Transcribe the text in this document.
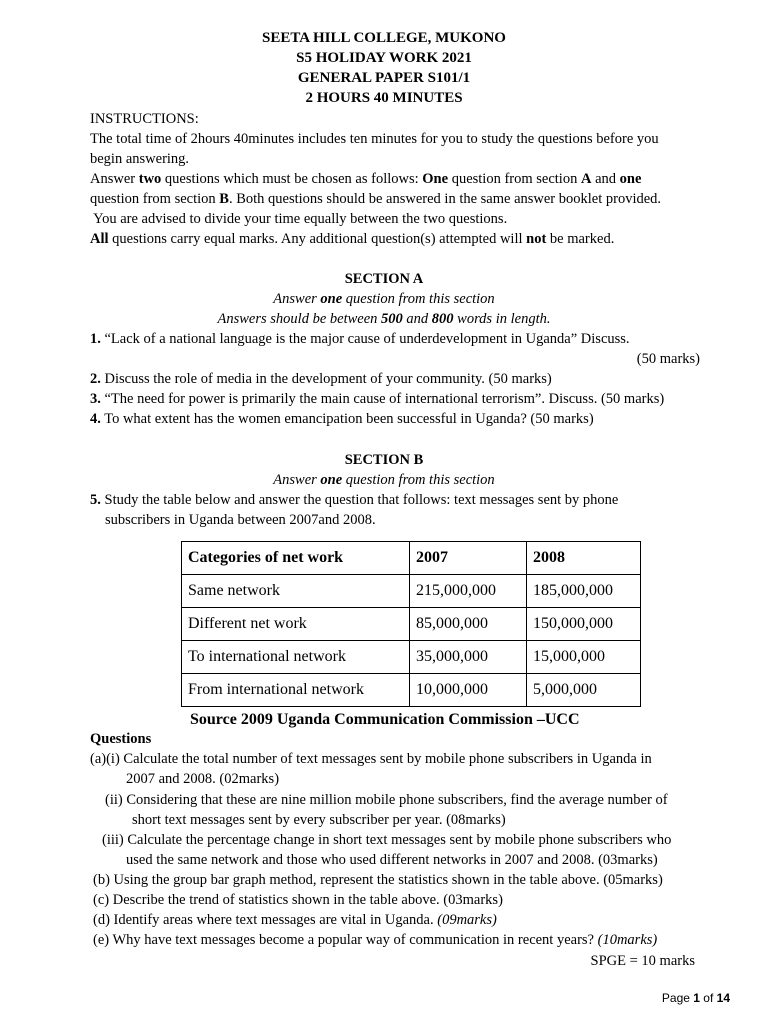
SEETA HILL COLLEGE, MUKONO
S5 HOLIDAY WORK 2021
GENERAL PAPER S101/1
2 HOURS 40 MINUTES
INSTRUCTIONS:
The total time of 2hours 40minutes includes ten minutes for you to study the questions before you
begin answering.
Answer two questions which must be chosen as follows: One question from section A and one
question from section B. Both questions should be answered in the same answer booklet provided.
You are advised to divide your time equally between the two questions.
All questions carry equal marks. Any additional question(s) attempted will not be marked.
SECTION A
Answer one question from this section
Answers should be between 500 and 800 words in length.
1. “Lack of a national language is the major cause of underdevelopment in Uganda” Discuss.
(50 marks)
2. Discuss the role of media in the development of your community. (50 marks)
3. “The need for power is primarily the main cause of international terrorism”. Discuss. (50 marks)
4. To what extent has the women emancipation been successful in Uganda? (50 marks)
SECTION B
Answer one question from this section
5. Study the table below and answer the question that follows: text messages sent by phone
subscribers in Uganda between 2007and 2008.
Categories of net work	2007	2008
Same network	215,000,000	185,000,000
Different net work	85,000,000	150,000,000
To international network	35,000,000	15,000,000
From international network	10,000,000	5,000,000
Source 2009 Uganda Communication Commission –UCC
Questions
(a)(i) Calculate the total number of text messages sent by mobile phone subscribers in Uganda in
2007 and 2008. (02marks)
(ii) Considering that these are nine million mobile phone subscribers, find the average number of
short text messages sent by every subscriber per year. (08marks)
(iii) Calculate the percentage change in short text messages sent by mobile phone subscribers who
used the same network and those who used different networks in 2007 and 2008. (03marks)
(b) Using the group bar graph method, represent the statistics shown in the table above. (05marks)
(c) Describe the trend of statistics shown in the table above. (03marks)
(d) Identify areas where text messages are vital in Uganda. (09marks)
(e) Why have text messages become a popular way of communication in recent years? (10marks)
SPGE = 10 marks
Page 1 of 14
